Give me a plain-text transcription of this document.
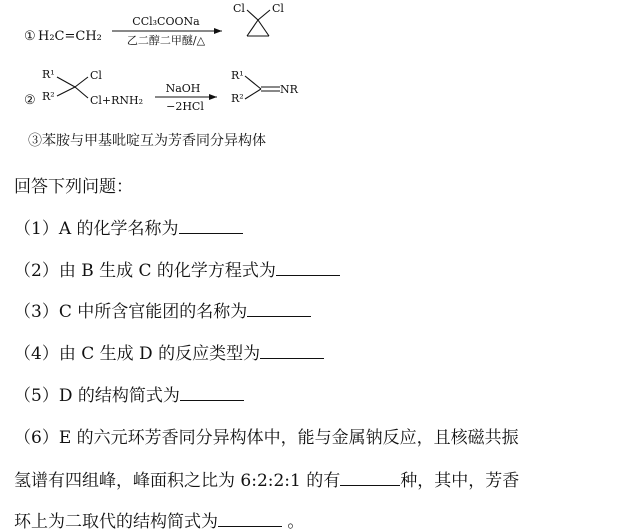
① H₂C=CH₂
CCl₃COONa
乙二醇二甲醚/△
Cl Cl
R¹
R²
②
Cl
Cl+RNH₂
NaOH
−2HCl
R¹
R²
NR
③苯胺与甲基吡啶互为芳香同分异构体
回答下列问题：
（1）A 的化学名称为
（2）由 B 生成 C 的化学方程式为
（3）C 中所含官能团的名称为
（4）由 C 生成 D 的反应类型为
（5）D 的结构简式为
（6）E 的六元环芳香同分异构体中，能与金属钠反应，且核磁共振
氢谱有四组峰，峰面积之比为 6:2:2:1 的有	种，其中，芳香
环上为二取代的结构简式为	。
